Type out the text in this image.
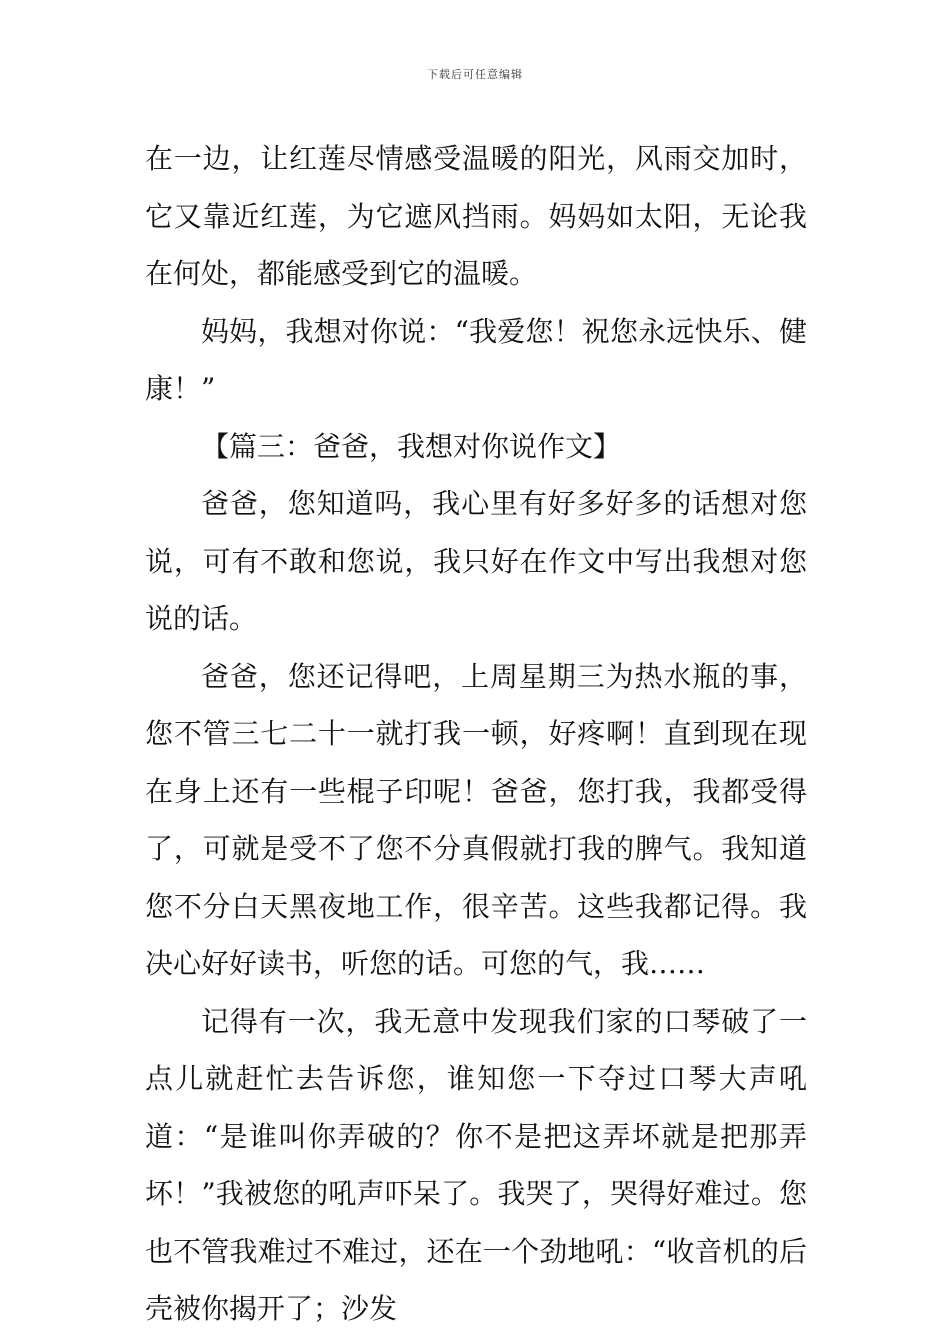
下载后可任意编辑

在一边，让红莲尽情感受温暖的阳光，风雨交加时，它又靠近红莲，为它遮风挡雨。妈妈如太阳，无论我在何处，都能感受到它的温暖。

妈妈，我想对你说：“我爱您！祝您永远快乐、健康！”

【篇三：爸爸，我想对你说作文】

爸爸，您知道吗，我心里有好多好多的话想对您说，可有不敢和您说，我只好在作文中写出我想对您说的话。

爸爸，您还记得吧，上周星期三为热水瓶的事，您不管三七二十一就打我一顿，好疼啊！直到现在现在身上还有一些棍子印呢！爸爸，您打我，我都受得了，可就是受不了您不分真假就打我的脾气。我知道您不分白天黑夜地工作，很辛苦。这些我都记得。我决心好好读书，听您的话。可您的气，我……

记得有一次，我无意中发现我们家的口琴破了一点儿就赶忙去告诉您，谁知您一下夺过口琴大声吼道：“是谁叫你弄破的？你不是把这弄坏就是把那弄坏！”我被您的吼声吓呆了。我哭了，哭得好难过。您也不管我难过不难过，还在一个劲地吼：“收音机的后壳被你揭开了；沙发
